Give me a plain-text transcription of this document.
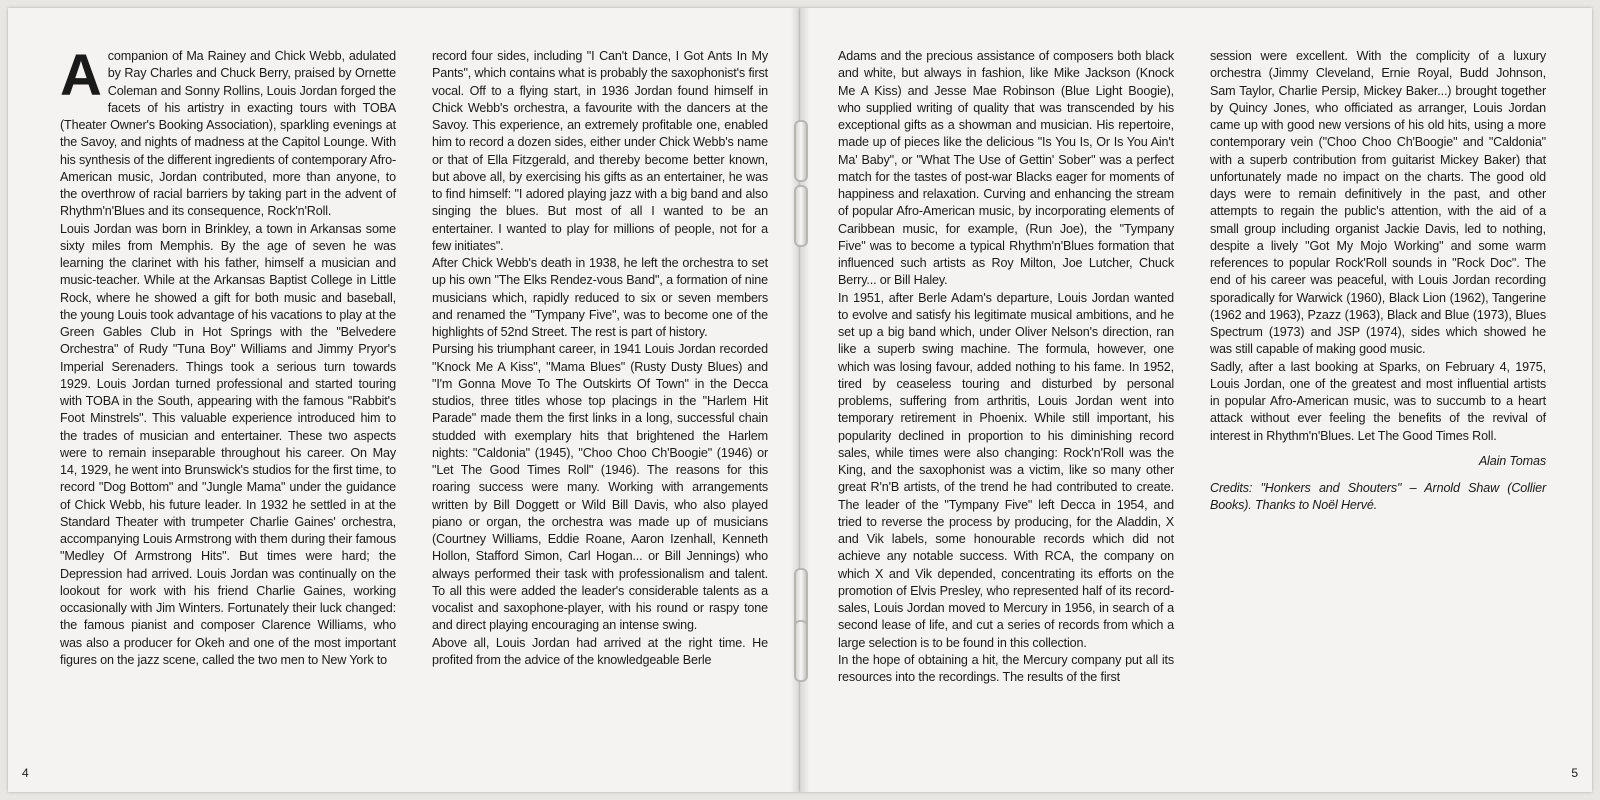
Acompanion of Ma Rainey and Chick Webb, adulated by Ray Charles and Chuck Berry, praised by Ornette Coleman and Sonny Rollins, Louis Jordan forged the facets of his artistry in exacting tours with TOBA (Theater Owner's Booking Association), sparkling evenings at the Savoy, and nights of madness at the Capitol Lounge. With his synthesis of the different ingredients of contemporary Afro-American music, Jordan contributed, more than anyone, to the overthrow of racial barriers by taking part in the advent of Rhythm'n'Blues and its consequence, Rock'n'Roll.

Louis Jordan was born in Brinkley, a town in Arkansas some sixty miles from Memphis. By the age of seven he was learning the clarinet with his father, himself a musician and music-teacher. While at the Arkansas Baptist College in Little Rock, where he showed a gift for both music and baseball, the young Louis took advantage of his vacations to play at the Green Gables Club in Hot Springs with the "Belvedere Orchestra" of Rudy "Tuna Boy" Williams and Jimmy Pryor's Imperial Serenaders. Things took a serious turn towards 1929. Louis Jordan turned professional and started touring with TOBA in the South, appearing with the famous "Rabbit's Foot Minstrels". This valuable experience introduced him to the trades of musician and entertainer. These two aspects were to remain inseparable throughout his career. On May 14, 1929, he went into Brunswick's studios for the first time, to record "Dog Bottom" and "Jungle Mama" under the guidance of Chick Webb, his future leader. In 1932 he settled in at the Standard Theater with trumpeter Charlie Gaines' orchestra, accompanying Louis Armstrong with them during their famous "Medley Of Armstrong Hits". But times were hard; the Depression had arrived. Louis Jordan was continually on the lookout for work with his friend Charlie Gaines, working occasionally with Jim Winters. Fortunately their luck changed: the famous pianist and composer Clarence Williams, who was also a producer for Okeh and one of the most important figures on the jazz scene, called the two men to New York to

record four sides, including "I Can't Dance, I Got Ants In My Pants", which contains what is probably the saxophonist's first vocal. Off to a flying start, in 1936 Jordan found himself in Chick Webb's orchestra, a favourite with the dancers at the Savoy. This experience, an extremely profitable one, enabled him to record a dozen sides, either under Chick Webb's name or that of Ella Fitzgerald, and thereby become better known, but above all, by exercising his gifts as an entertainer, he was to find himself: "I adored playing jazz with a big band and also singing the blues. But most of all I wanted to be an entertainer. I wanted to play for millions of people, not for a few initiates".

After Chick Webb's death in 1938, he left the orchestra to set up his own "The Elks Rendez-vous Band", a formation of nine musicians which, rapidly reduced to six or seven members and renamed the "Tympany Five", was to become one of the highlights of 52nd Street. The rest is part of history.

Pursing his triumphant career, in 1941 Louis Jordan recorded "Knock Me A Kiss", "Mama Blues" (Rusty Dusty Blues) and "I'm Gonna Move To The Outskirts Of Town" in the Decca studios, three titles whose top placings in the "Harlem Hit Parade" made them the first links in a long, successful chain studded with exemplary hits that brightened the Harlem nights: "Caldonia" (1945), "Choo Choo Ch'Boogie" (1946) or "Let The Good Times Roll" (1946). The reasons for this roaring success were many. Working with arrangements written by Bill Doggett or Wild Bill Davis, who also played piano or organ, the orchestra was made up of musicians (Courtney Williams, Eddie Roane, Aaron Izenhall, Kenneth Hollon, Stafford Simon, Carl Hogan... or Bill Jennings) who always performed their task with professionalism and talent. To all this were added the leader's considerable talents as a vocalist and saxophone-player, with his round or raspy tone and direct playing encouraging an intense swing.

Above all, Louis Jordan had arrived at the right time. He profited from the advice of the knowledgeable Berle

4

Adams and the precious assistance of composers both black and white, but always in fashion, like Mike Jackson (Knock Me A Kiss) and Jesse Mae Robinson (Blue Light Boogie), who supplied writing of quality that was transcended by his exceptional gifts as a showman and musician. His repertoire, made up of pieces like the delicious "Is You Is, Or Is You Ain't Ma' Baby", or "What The Use of Gettin' Sober" was a perfect match for the tastes of post-war Blacks eager for moments of happiness and relaxation. Curving and enhancing the stream of popular Afro-American music, by incorporating elements of Caribbean music, for example, (Run Joe), the "Tympany Five" was to become a typical Rhythm'n'Blues formation that influenced such artists as Roy Milton, Joe Lutcher, Chuck Berry... or Bill Haley.

In 1951, after Berle Adam's departure, Louis Jordan wanted to evolve and satisfy his legitimate musical ambitions, and he set up a big band which, under Oliver Nelson's direction, ran like a superb swing machine. The formula, however, one which was losing favour, added nothing to his fame. In 1952, tired by ceaseless touring and disturbed by personal problems, suffering from arthritis, Louis Jordan went into temporary retirement in Phoenix. While still important, his popularity declined in proportion to his diminishing record sales, while times were also changing: Rock'n'Roll was the King, and the saxophonist was a victim, like so many other great R'n'B artists, of the trend he had contributed to create. The leader of the "Tympany Five" left Decca in 1954, and tried to reverse the process by producing, for the Aladdin, X and Vik labels, some honourable records which did not achieve any notable success. With RCA, the company on which X and Vik depended, concentrating its efforts on the promotion of Elvis Presley, who represented half of its record-sales, Louis Jordan moved to Mercury in 1956, in search of a second lease of life, and cut a series of records from which a large selection is to be found in this collection.

In the hope of obtaining a hit, the Mercury company put all its resources into the recordings. The results of the first

session were excellent. With the complicity of a luxury orchestra (Jimmy Cleveland, Ernie Royal, Budd Johnson, Sam Taylor, Charlie Persip, Mickey Baker...) brought together by Quincy Jones, who officiated as arranger, Louis Jordan came up with good new versions of his old hits, using a more contemporary vein ("Choo Choo Ch'Boogie" and "Caldonia" with a superb contribution from guitarist Mickey Baker) that unfortunately made no impact on the charts. The good old days were to remain definitively in the past, and other attempts to regain the public's attention, with the aid of a small group including organist Jackie Davis, led to nothing, despite a lively "Got My Mojo Working" and some warm references to popular Rock'Roll sounds in "Rock Doc". The end of his career was peaceful, with Louis Jordan recording sporadically for Warwick (1960), Black Lion (1962), Tangerine (1962 and 1963), Pzazz (1963), Black and Blue (1973), Blues Spectrum (1973) and JSP (1974), sides which showed he was still capable of making good music.

Sadly, after a last booking at Sparks, on February 4, 1975, Louis Jordan, one of the greatest and most influential artists in popular Afro-American music, was to succumb to a heart attack without ever feeling the benefits of the revival of interest in Rhythm'n'Blues. Let The Good Times Roll.

Alain Tomas

Credits: "Honkers and Shouters" – Arnold Shaw (Collier Books). Thanks to Noël Hervé.

5
